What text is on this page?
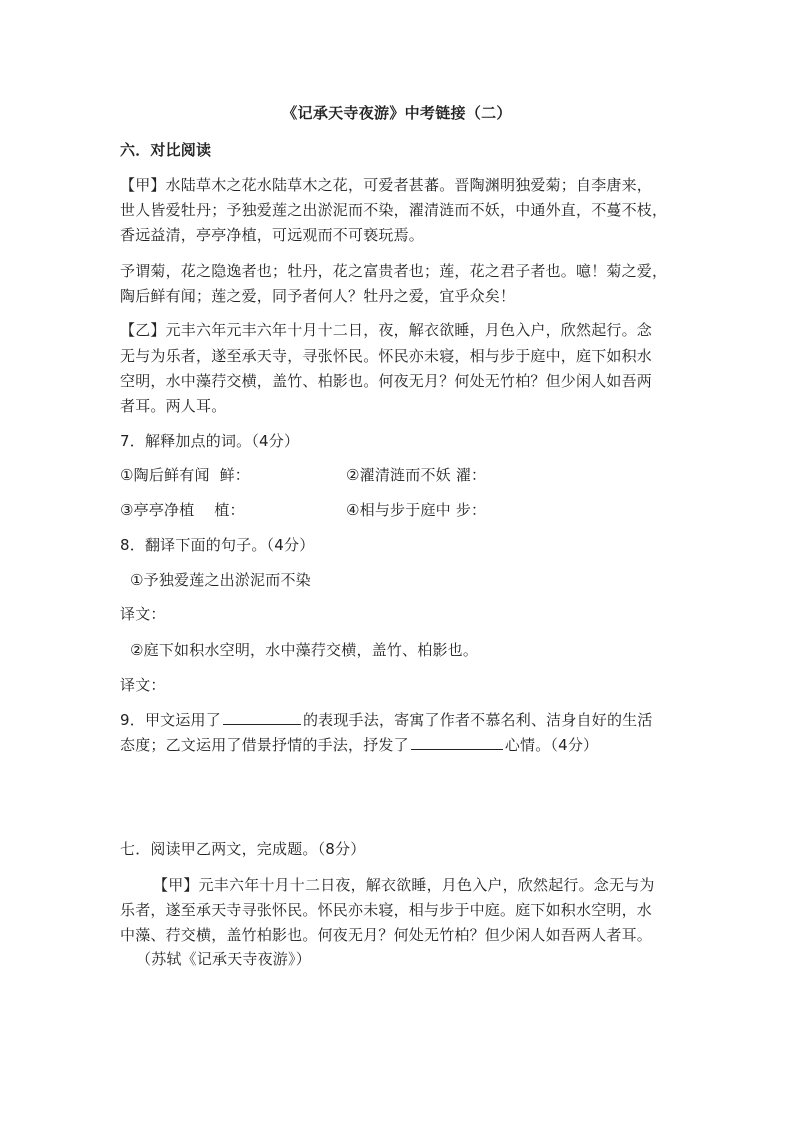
《记承天寺夜游》中考链接（二）
六．对比阅读
【甲】水陆草木之花水陆草木之花，可爱者甚蕃。晋陶渊明独爱菊；自李唐来，
世人皆爱牡丹；予独爱莲之出淤泥而不染，濯清涟而不妖，中通外直，不蔓不枝，
香远益清，亭亭净植，可远观而不可亵玩焉。
予谓菊，花之隐逸者也；牡丹，花之富贵者也；莲，花之君子者也。噫！菊之爱，
陶后鲜有闻；莲之爱，同予者何人？牡丹之爱，宜乎众矣！
【乙】元丰六年元丰六年十月十二日，夜，解衣欲睡，月色入户，欣然起行。念
无与为乐者，遂至承天寺，寻张怀民。怀民亦未寝，相与步于庭中，庭下如积水
空明，水中藻荇交横，盖竹、柏影也。何夜无月？何处无竹柏？但少闲人如吾两
者耳。两人耳。
7．解释加点的词。（4分）
①陶后鲜有闻 鲜：	②濯清涟而不妖 濯：
③亭亭净植 植：	④相与步于庭中 步：
8．翻译下面的句子。（4分）
①予独爱莲之出淤泥而不染
译文：
②庭下如积水空明，水中藻荇交横，盖竹、柏影也。
译文：
9．甲文运用了	的表现手法，寄寓了作者不慕名利、洁身自好的生活
态度；乙文运用了借景抒情的手法，抒发了	心情。（4分）
七．阅读甲乙两文，完成题。（8分）
【甲】元丰六年十月十二日夜，解衣欲睡，月色入户，欣然起行。念无与为
乐者，遂至承天寺寻张怀民。怀民亦未寝，相与步于中庭。庭下如积水空明，水
中藻、荇交横，盖竹柏影也。何夜无月？何处无竹柏？但少闲人如吾两人者耳。
（苏轼《记承天寺夜游》）
